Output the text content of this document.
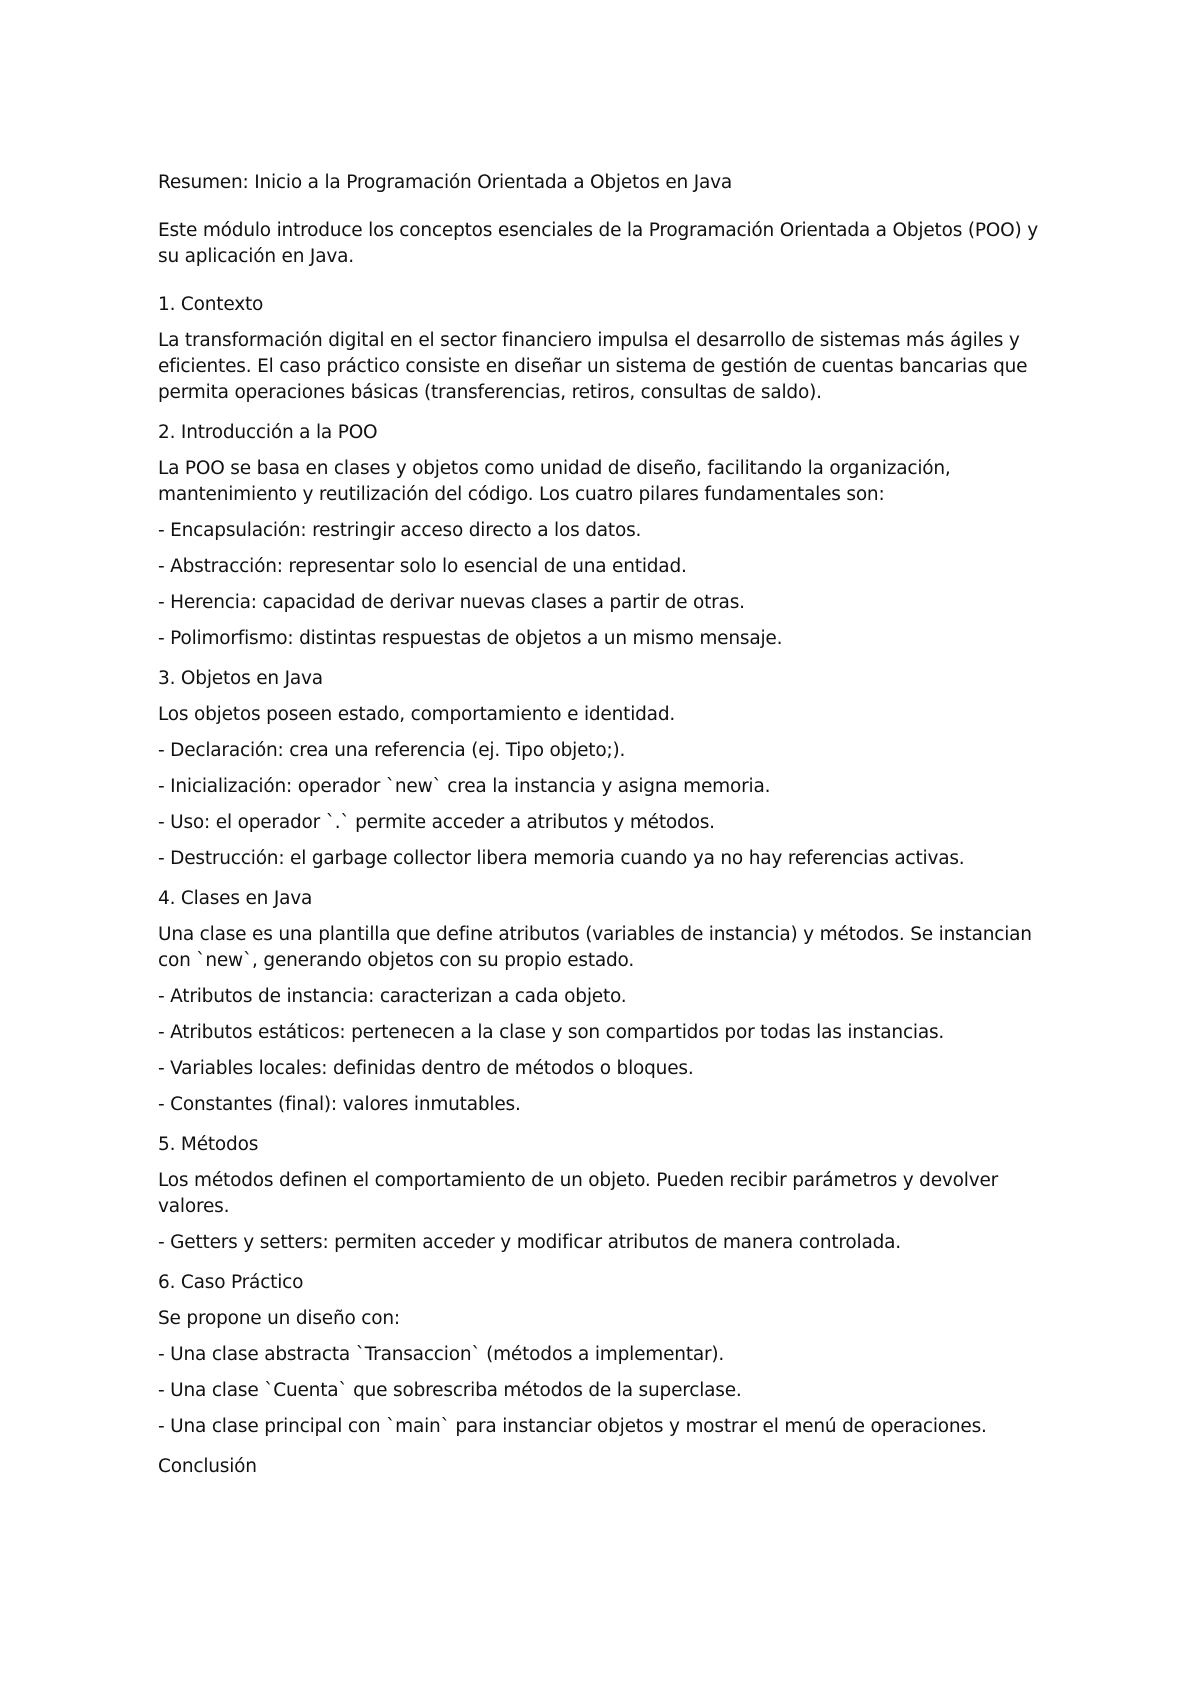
Resumen: Inicio a la Programación Orientada a Objetos en Java

Este módulo introduce los conceptos esenciales de la Programación Orientada a Objetos (POO) y su aplicación en Java.

1. Contexto

La transformación digital en el sector financiero impulsa el desarrollo de sistemas más ágiles y eficientes. El caso práctico consiste en diseñar un sistema de gestión de cuentas bancarias que permita operaciones básicas (transferencias, retiros, consultas de saldo).

2. Introducción a la POO

La POO se basa en clases y objetos como unidad de diseño, facilitando la organización, mantenimiento y reutilización del código. Los cuatro pilares fundamentales son:

- Encapsulación: restringir acceso directo a los datos.

- Abstracción: representar solo lo esencial de una entidad.

- Herencia: capacidad de derivar nuevas clases a partir de otras.

- Polimorfismo: distintas respuestas de objetos a un mismo mensaje.

3. Objetos en Java

Los objetos poseen estado, comportamiento e identidad.

- Declaración: crea una referencia (ej. Tipo objeto;).

- Inicialización: operador `new` crea la instancia y asigna memoria.

- Uso: el operador `.` permite acceder a atributos y métodos.

- Destrucción: el garbage collector libera memoria cuando ya no hay referencias activas.

4. Clases en Java

Una clase es una plantilla que define atributos (variables de instancia) y métodos. Se instancian con `new`, generando objetos con su propio estado.

- Atributos de instancia: caracterizan a cada objeto.

- Atributos estáticos: pertenecen a la clase y son compartidos por todas las instancias.

- Variables locales: definidas dentro de métodos o bloques.

- Constantes (final): valores inmutables.

5. Métodos

Los métodos definen el comportamiento de un objeto. Pueden recibir parámetros y devolver valores.

- Getters y setters: permiten acceder y modificar atributos de manera controlada.

6. Caso Práctico

Se propone un diseño con:

- Una clase abstracta `Transaccion` (métodos a implementar).

- Una clase `Cuenta` que sobrescriba métodos de la superclase.

- Una clase principal con `main` para instanciar objetos y mostrar el menú de operaciones.

Conclusión
